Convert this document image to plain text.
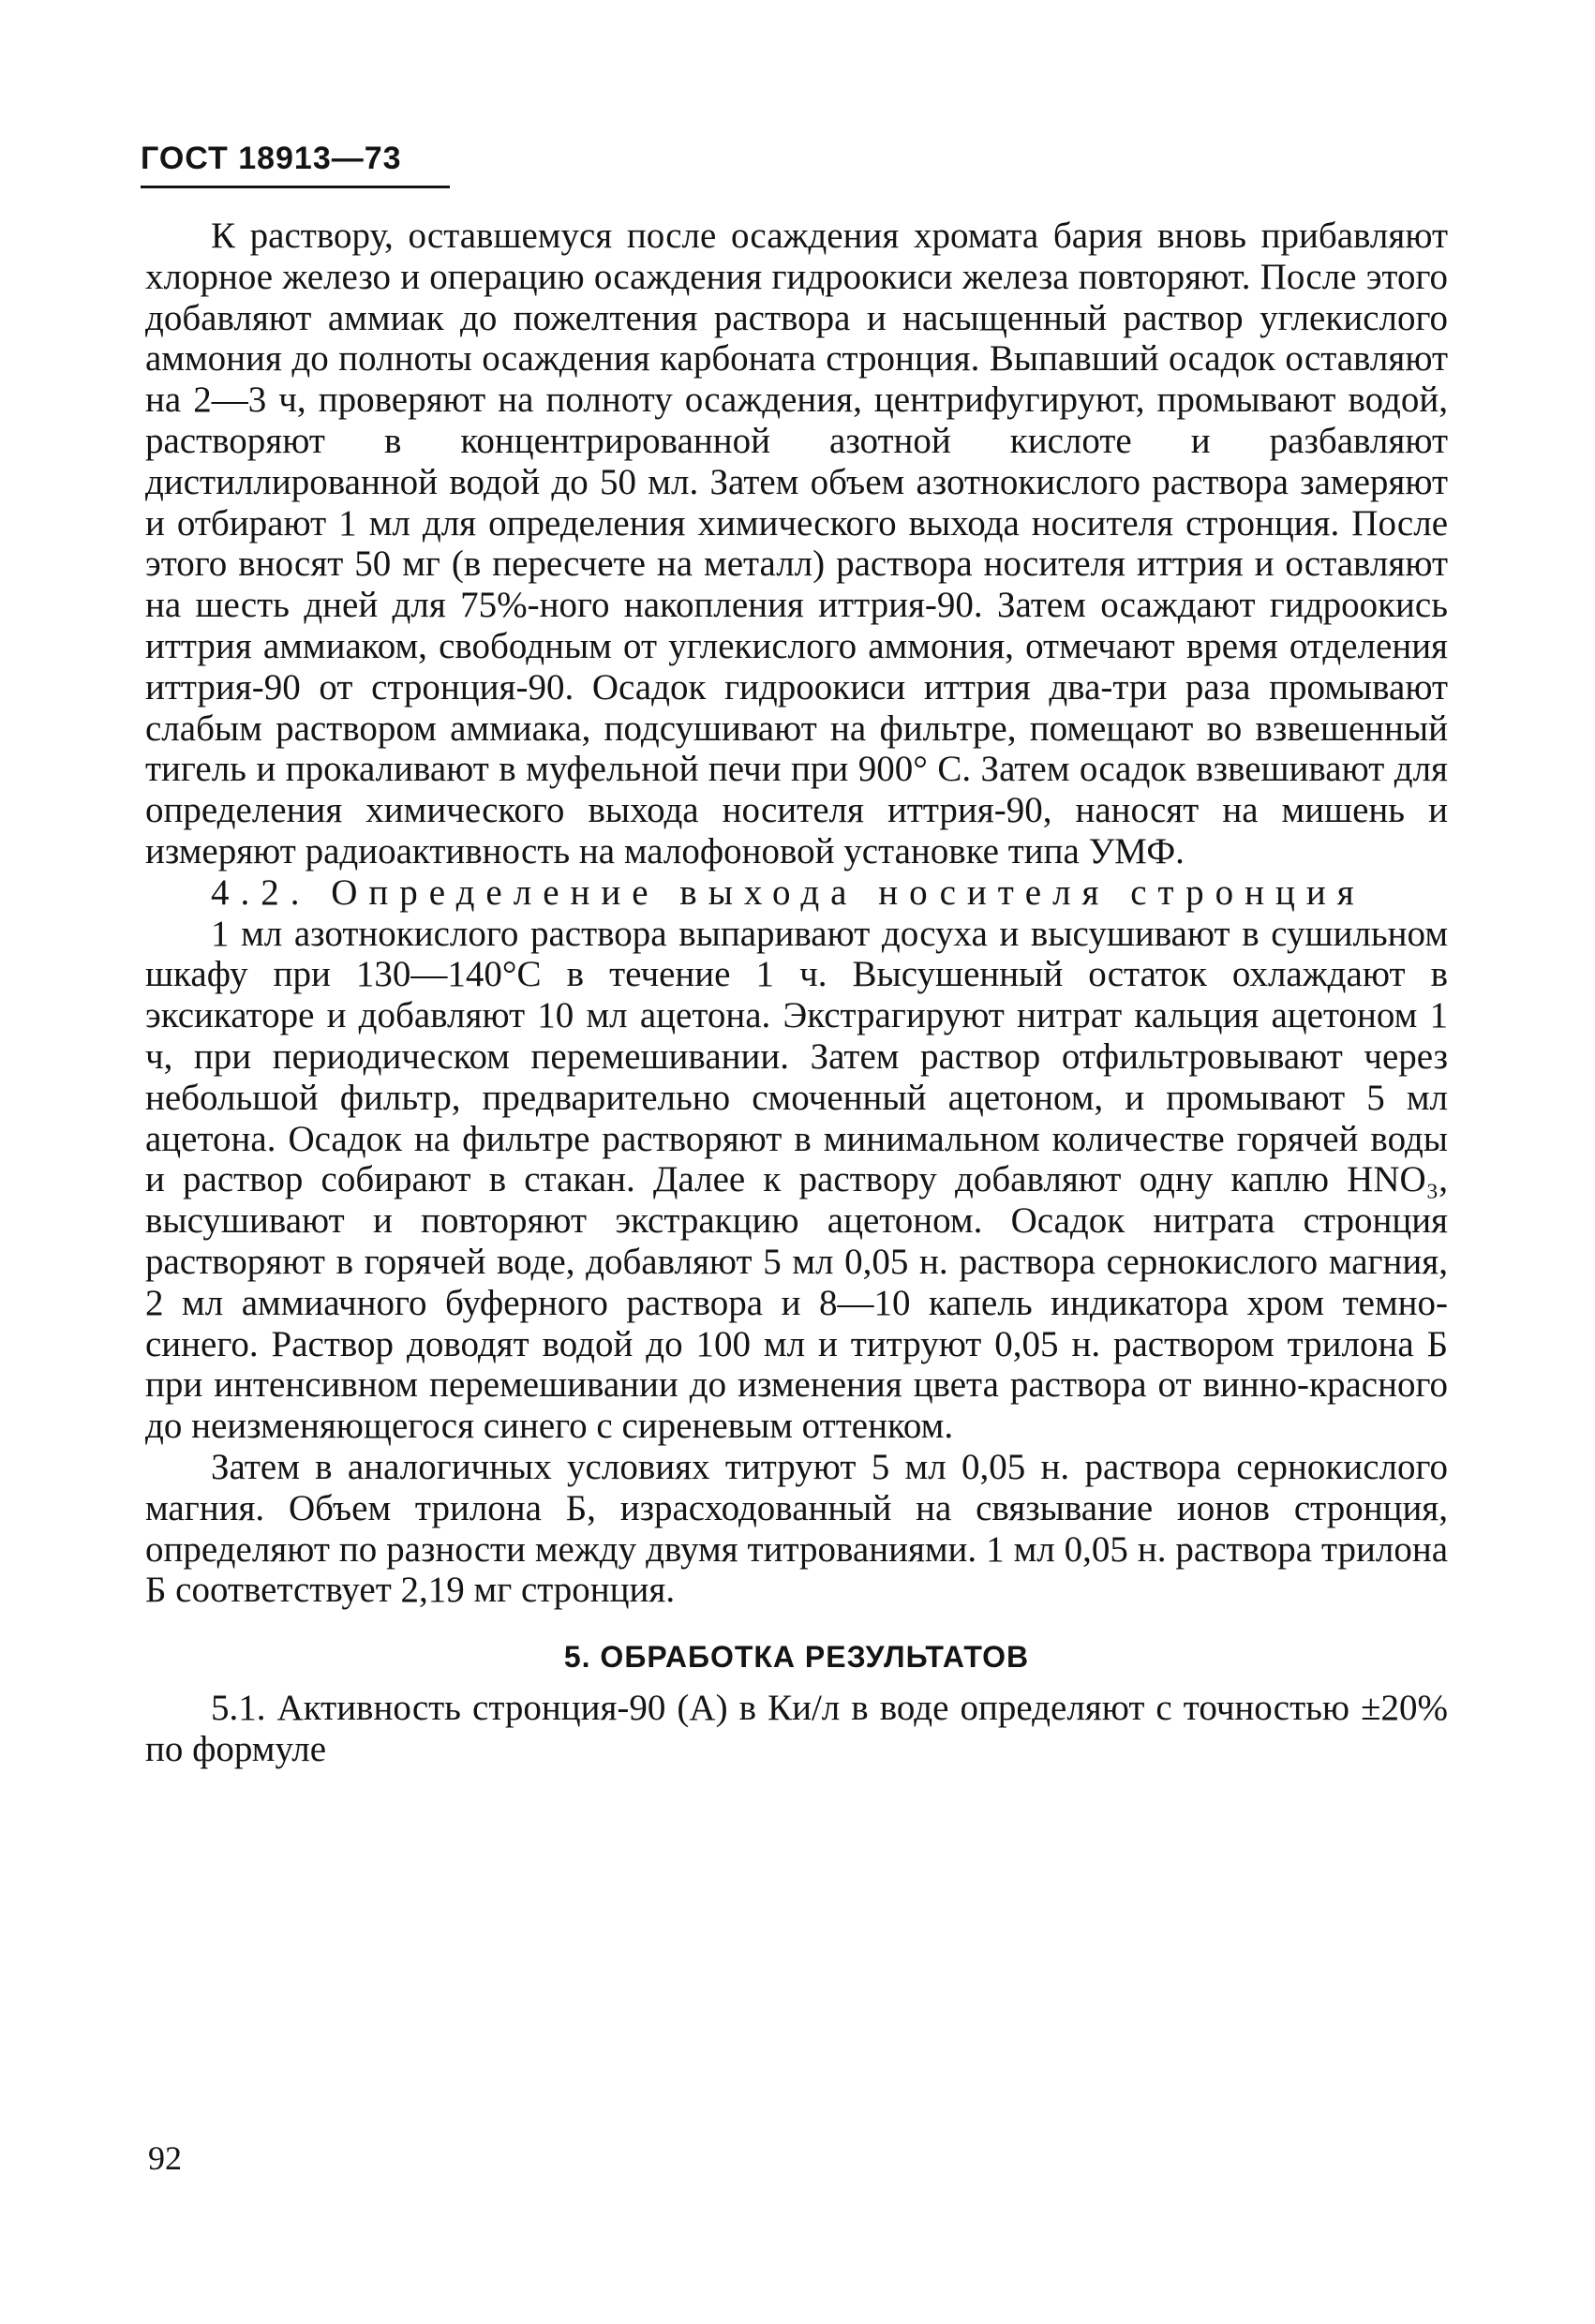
ГОСТ 18913—73

К раствору, оставшемуся после осаждения хромата бария вновь прибавляют хлорное железо и операцию осаждения гидроокиси железа повторяют. После этого добавляют аммиак до пожелтения раствора и насыщенный раствор углекислого аммония до полноты осаждения карбоната стронция. Выпавший осадок оставляют на 2—3 ч, проверяют на полноту осаждения, центрифугируют, промывают водой, растворяют в концентрированной азотной кислоте и разбавляют дистиллированной водой до 50 мл. Затем объем азотнокислого раствора замеряют и отбирают 1 мл для определения химического выхода носителя стронция. После этого вносят 50 мг (в пересчете на металл) раствора носителя иттрия и оставляют на шесть дней для 75%-ного накопления иттрия-90. Затем осаждают гидроокись иттрия аммиаком, свободным от углекислого аммония, отмечают время отделения иттрия-90 от стронция-90. Осадок гидроокиси иттрия два-три раза промывают слабым раствором аммиака, подсушивают на фильтре, помещают во взвешенный тигель и прокаливают в муфельной печи при 900° С. Затем осадок взвешивают для определения химического выхода носителя иттрия-90, наносят на мишень и измеряют радиоактивность на малофоновой установке типа УМФ.

4.2. Определение выхода носителя стронция

1 мл азотнокислого раствора выпаривают досуха и высушивают в сушильном шкафу при 130—140°С в течение 1 ч. Высушенный остаток охлаждают в эксикаторе и добавляют 10 мл ацетона. Экстрагируют нитрат кальция ацетоном 1 ч, при периодическом перемешивании. Затем раствор отфильтровывают через небольшой фильтр, предварительно смоченный ацетоном, и промывают 5 мл ацетона. Осадок на фильтре растворяют в минимальном количестве горячей воды и раствор собирают в стакан. Далее к раствору добавляют одну каплю HNO₃, высушивают и повторяют экстракцию ацетоном. Осадок нитрата стронция растворяют в горячей воде, добавляют 5 мл 0,05 н. раствора сернокислого магния, 2 мл аммиачного буферного раствора и 8—10 капель индикатора хром темно-синего. Раствор доводят водой до 100 мл и титруют 0,05 н. раствором трилона Б при интенсивном перемешивании до изменения цвета раствора от винно-красного до неизменяющегося синего с сиреневым оттенком.

Затем в аналогичных условиях титруют 5 мл 0,05 н. раствора сернокислого магния. Объем трилона Б, израсходованный на связывание ионов стронция, определяют по разности между двумя титрованиями. 1 мл 0,05 н. раствора трилона Б соответствует 2,19 мг стронция.

5. ОБРАБОТКА РЕЗУЛЬТАТОВ

5.1. Активность стронция-90 (А) в Ки/л в воде определяют с точностью ±20% по формуле

92
